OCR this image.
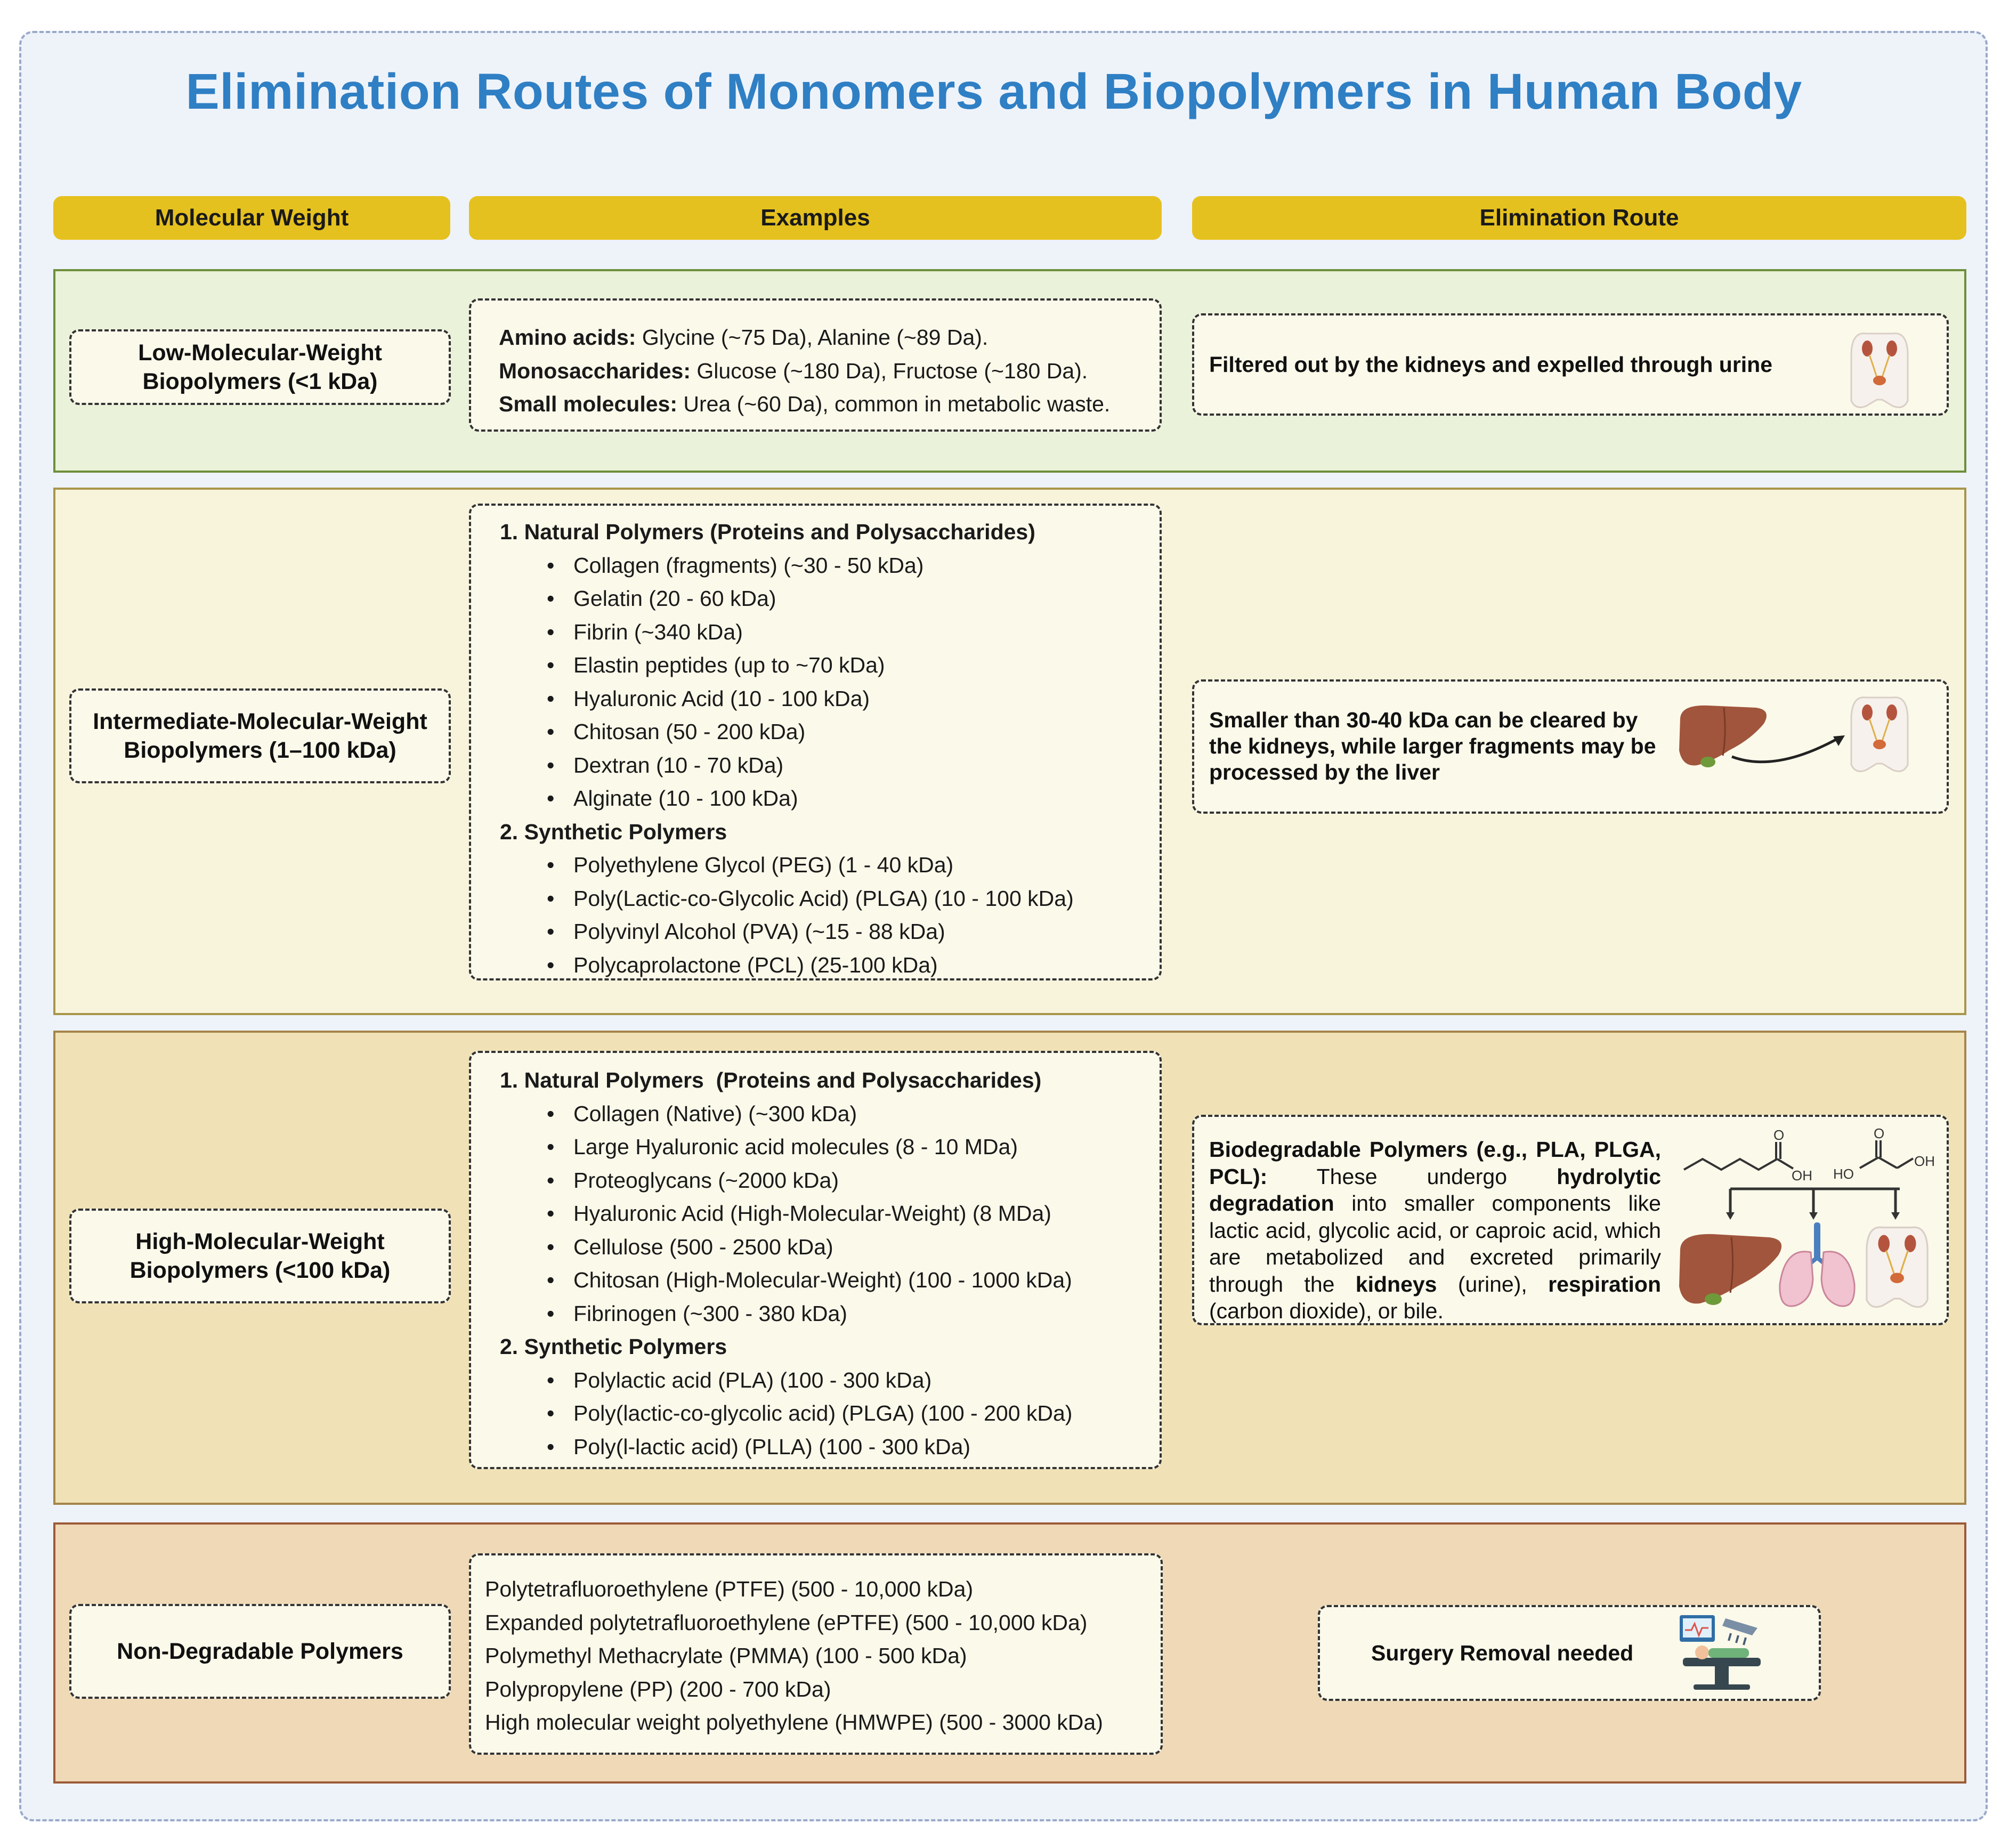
Elimination Routes of Monomers and Biopolymers in Human Body
Molecular Weight	Examples	Elimination Route
Low-Molecular-Weight
Biopolymers (<1 kDa)
Amino acids: Glycine (~75 Da), Alanine (~89 Da).
Monosaccharides: Glucose (~180 Da), Fructose (~180 Da).
Small molecules: Urea (~60 Da), common in metabolic waste.
Filtered out by the kidneys and expelled through urine
Intermediate-Molecular-Weight
Biopolymers (1–100 kDa)
1. Natural Polymers (Proteins and Polysaccharides)
• Collagen (fragments) (~30 - 50 kDa)
• Gelatin (20 - 60 kDa)
• Fibrin (~340 kDa)
• Elastin peptides (up to ~70 kDa)
• Hyaluronic Acid (10 - 100 kDa)
• Chitosan (50 - 200 kDa)
• Dextran (10 - 70 kDa)
• Alginate (10 - 100 kDa)
2. Synthetic Polymers
• Polyethylene Glycol (PEG) (1 - 40 kDa)
• Poly(Lactic-co-Glycolic Acid) (PLGA) (10 - 100 kDa)
• Polyvinyl Alcohol (PVA) (~15 - 88 kDa)
• Polycaprolactone (PCL) (25-100 kDa)
Smaller than 30-40 kDa can be cleared by the kidneys, while larger fragments may be processed by the liver
High-Molecular-Weight
Biopolymers (<100 kDa)
1. Natural Polymers  (Proteins and Polysaccharides)
• Collagen (Native) (~300 kDa)
• Large Hyaluronic acid molecules (8 - 10 MDa)
• Proteoglycans (~2000 kDa)
• Hyaluronic Acid (High-Molecular-Weight) (8 MDa)
• Cellulose (500 - 2500 kDa)
• Chitosan (High-Molecular-Weight) (100 - 1000 kDa)
• Fibrinogen (~300 - 380 kDa)
2. Synthetic Polymers
• Polylactic acid (PLA) (100 - 300 kDa)
• Poly(lactic-co-glycolic acid) (PLGA) (100 - 200 kDa)
• Poly(l-lactic acid) (PLLA) (100 - 300 kDa)
Biodegradable Polymers (e.g., PLA, PLGA, PCL): These undergo hydrolytic degradation into smaller components like lactic acid, glycolic acid, or caproic acid, which are metabolized and excreted primarily through the kidneys (urine), respiration (carbon dioxide), or bile.
O
OH
O
HO
OH
Non-Degradable Polymers
Polytetrafluoroethylene (PTFE) (500 - 10,000 kDa)
Expanded polytetrafluoroethylene (ePTFE) (500 - 10,000 kDa)
Polymethyl Methacrylate (PMMA) (100 - 500 kDa)
Polypropylene (PP) (200 - 700 kDa)
High molecular weight polyethylene (HMWPE) (500 - 3000 kDa)
Surgery Removal needed
